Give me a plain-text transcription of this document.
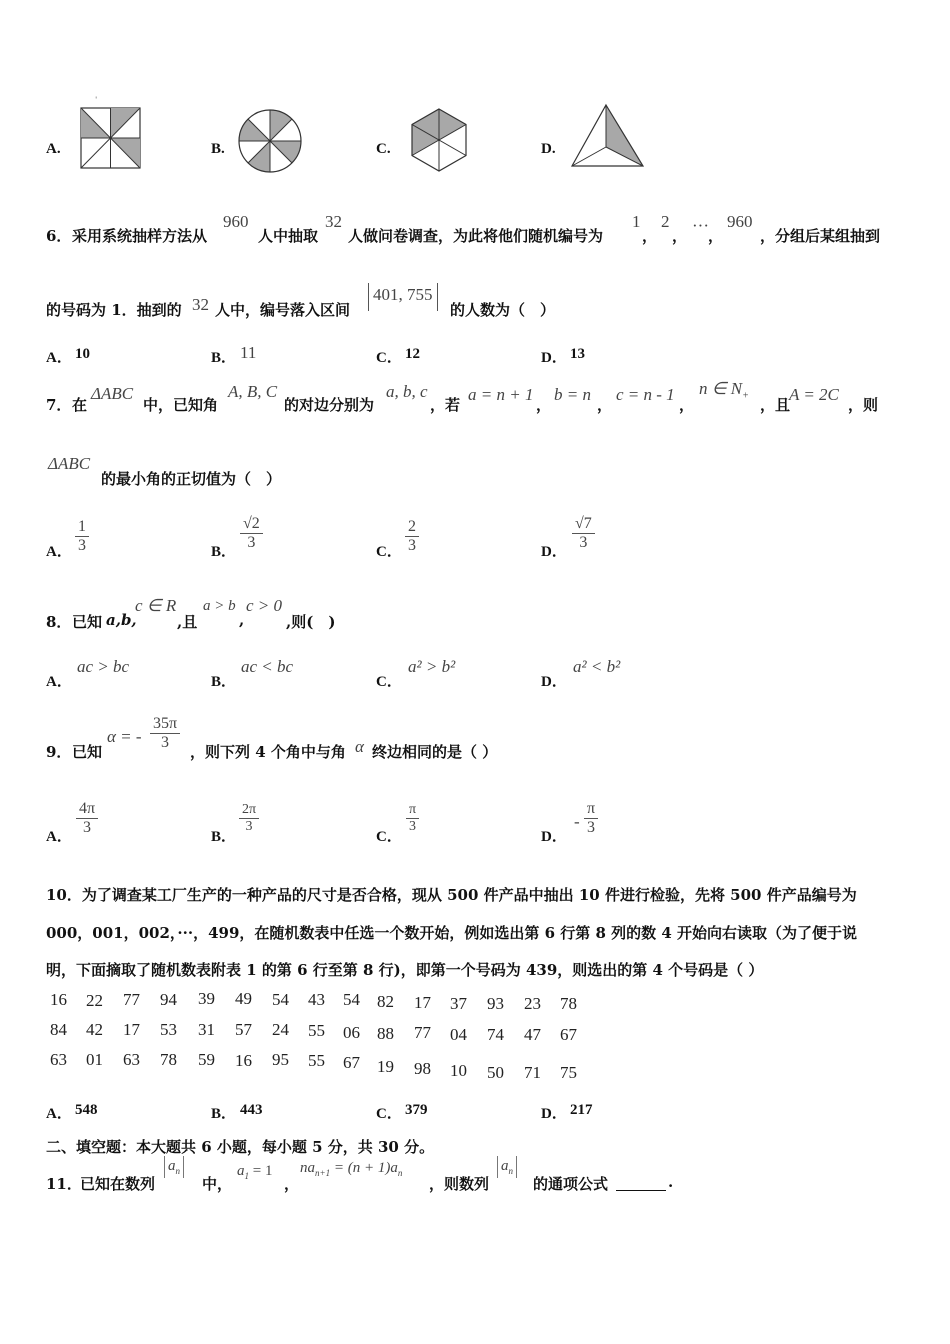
A.	B.	C.	D.
6． 采用系统抽样方法从
960
人中抽取
32
人做问卷调查，为此将他们随机编号为
1
，
2
，
···
，
960
，分组后某组抽到
的号码为 1．抽到的 32 人中，编号落入区间
401, 755
的人数为（　）
A． 10	B． 11	C． 12	D． 13
7． 在
ΔABC
中，已知角
A, B, C
的对边分别为
a, b, c
，若
a = n + 1
，
b = n
，
c = n - 1
，
n ∈ $N_+$
，且
A = 2C
，则
ΔABC
的最小角的正切值为（　）
A． $\frac{1}{3}$	B． $\frac{√2}{3}$	C． $\frac{2}{3}$	D． $\frac{√7}{3}$
8． 已知 a,b,
c ∈ R
,且
a > b
,
c > 0
,则(　)
A．
ac > bc
B．
ac < bc
C．
a² > b²
D．
a² < b²
9． 已知
α = - $\frac{35\pi}{3}$ ，则下列 4 个角中与角 α 终边相同的是（ ）
A． $\frac{4\pi}{3}$	B．
$\frac{2\pi}{3}$
C．
$\frac{\pi}{3}$
D．
- $\frac{\pi}{3}$
10．为了调查某工厂生产的一种产品的尺寸是否合格，现从 500 件产品中抽出 10 件进行检验，先将 500 件产品编号为
000，001，002，···，499，在随机数表中任选一个数开始，例如选出第 6 行第 8 列的数 4 开始向右读取（为了便于说
明，下面摘取了随机数表附表 1 的第 6 行至第 8 行)，即第一个号码为 439，则选出的第 4 个号码是（ ）
16	22	77	94	39	49	54	43	54	82	17	37	93	23	78
84	42	17	53	31	57	24	55	06	88	77	04	74	47	67
63	01	63	78	59	16	95	55	67	19	98	10	50	71	75
A． 548	B． 443	C． 379	D． 217
二、填空题：本大题共 6 小题，每小题 5 分，共 30 分。
11．
已知在数列
$a_n$
中，
$a_1 = 1$
，
$na_{n+1} = (n + 1)a_n$
，则数列
$a_n$
的通项公式	.
ˈ
